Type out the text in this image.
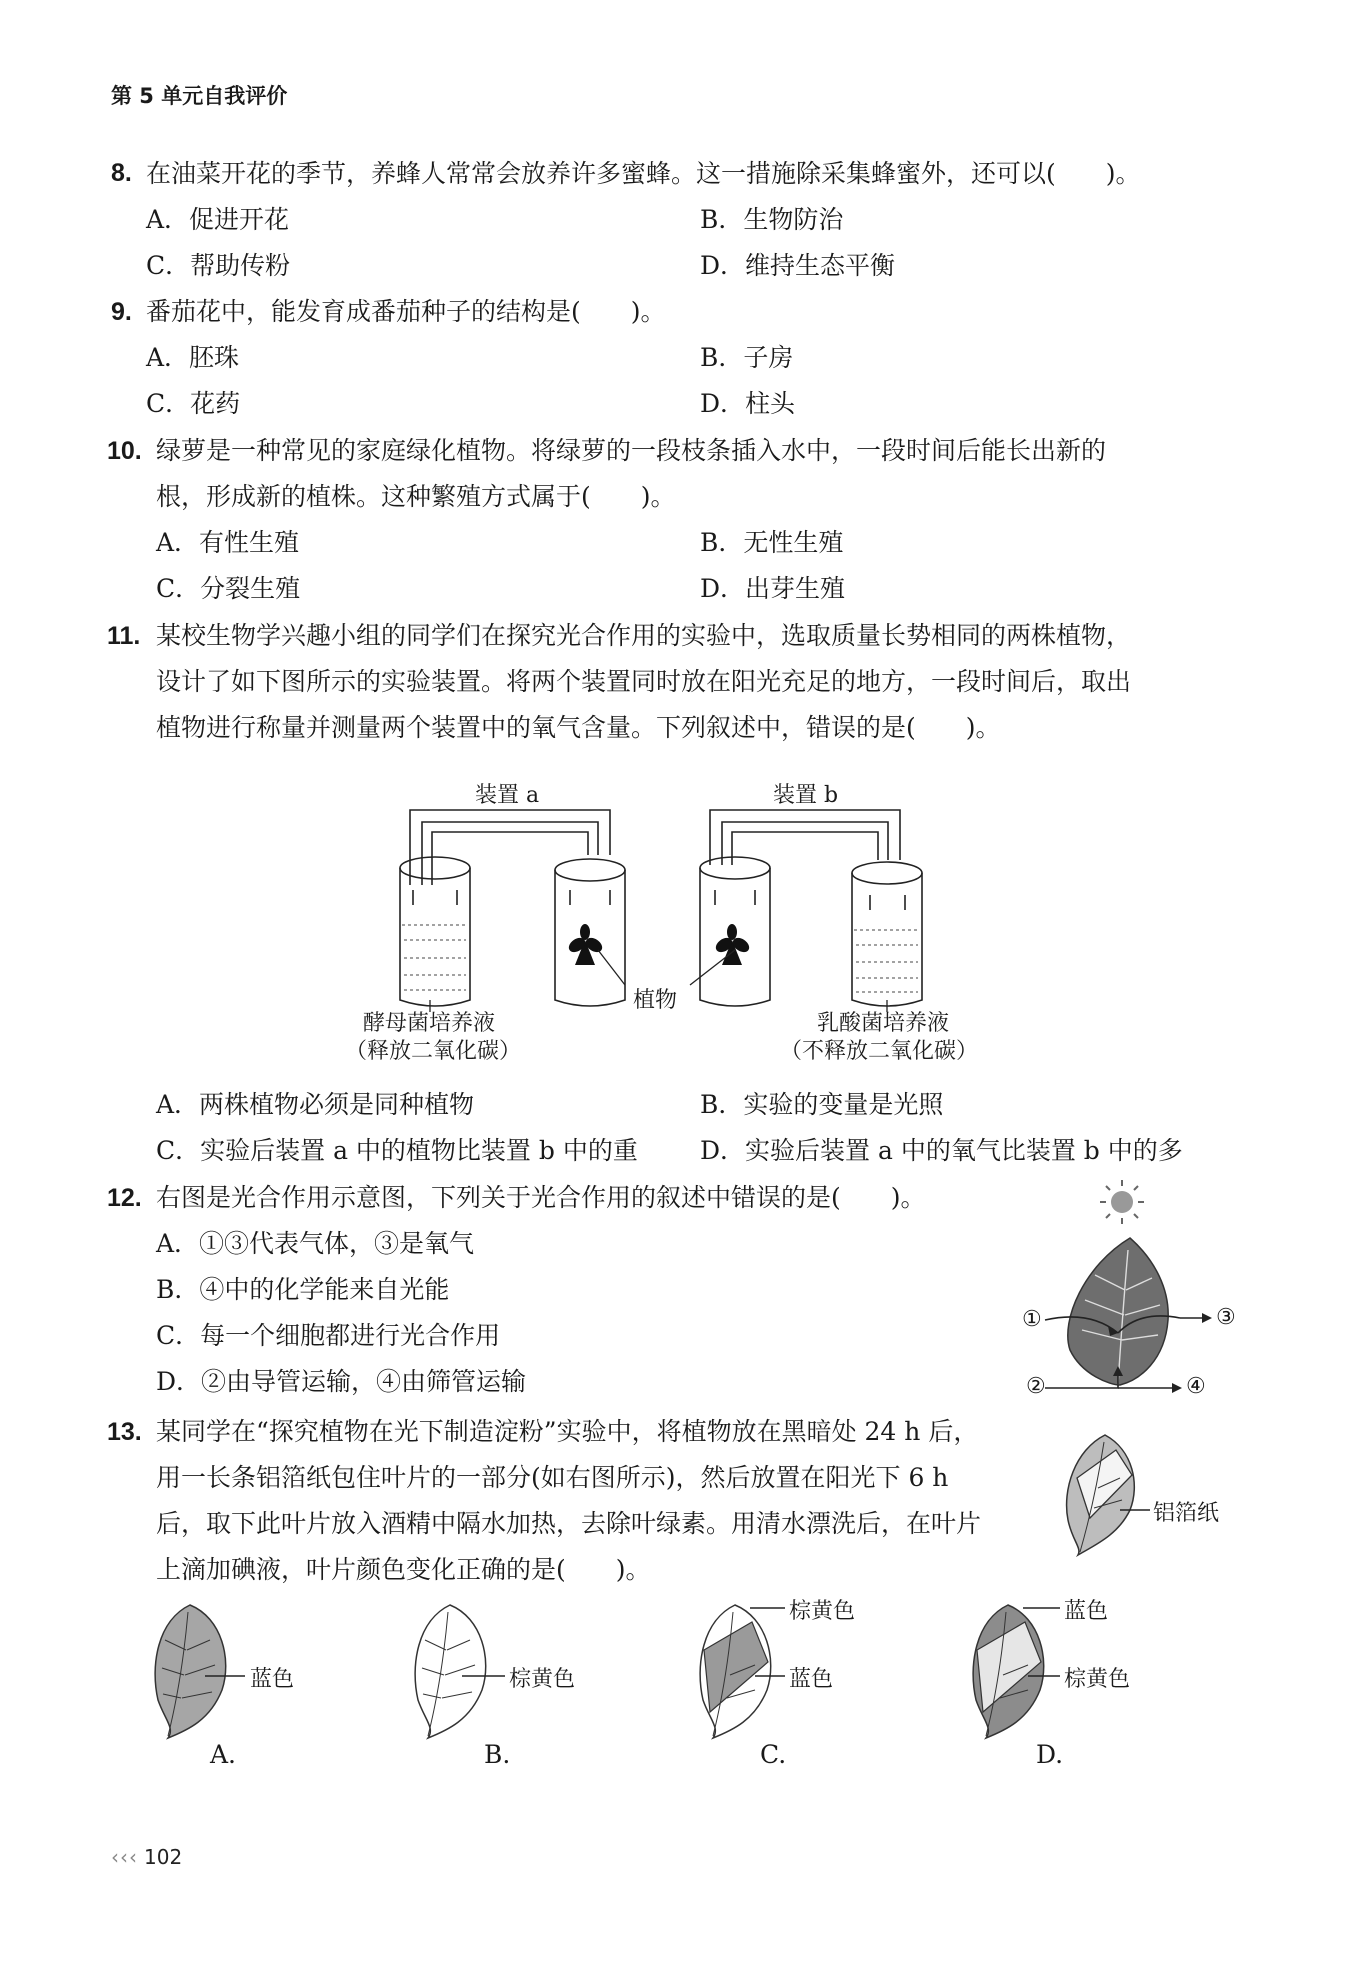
第 5 单元自我评价
8. 在油菜开花的季节，养蜂人常常会放养许多蜜蜂。这一措施除采集蜂蜜外，还可以(　　)。
A．促进开花	B．生物防治
C．帮助传粉	D．维持生态平衡
9. 番茄花中，能发育成番茄种子的结构是(　　)。
A．胚珠	B．子房
C．花药	D．柱头
10. 绿萝是一种常见的家庭绿化植物。将绿萝的一段枝条插入水中，一段时间后能长出新的
根，形成新的植株。这种繁殖方式属于(　　)。
A．有性生殖	B．无性生殖
C．分裂生殖	D．出芽生殖
11. 某校生物学兴趣小组的同学们在探究光合作用的实验中，选取质量长势相同的两株植物，
设计了如下图所示的实验装置。将两个装置同时放在阳光充足的地方，一段时间后，取出
植物进行称量并测量两个装置中的氧气含量。下列叙述中，错误的是(　　)。
装置 a	装置 b
植物
酵母菌培养液
（释放二氧化碳）
乳酸菌培养液
（不释放二氧化碳）
A．两株植物必须是同种植物	B．实验的变量是光照
C．实验后装置 a 中的植物比装置 b 中的重 D．实验后装置 a 中的氧气比装置 b 中的多
12. 右图是光合作用示意图，下列关于光合作用的叙述中错误的是(　　)。
A．①③代表气体，③是氧气
B．④中的化学能来自光能
C．每一个细胞都进行光合作用
D．②由导管运输，④由筛管运输
①	③
②	④
13. 某同学在“探究植物在光下制造淀粉”实验中，将植物放在黑暗处 24 h 后，
用一长条铝箔纸包住叶片的一部分(如右图所示)，然后放置在阳光下 6 h
后，取下此叶片放入酒精中隔水加热，去除叶绿素。用清水漂洗后，在叶片
上滴加碘液，叶片颜色变化正确的是(　　)。
铝箔纸
蓝色	棕黄色
棕黄色
蓝色
蓝色
棕黄色
A.	B.	C.	D.
‹‹‹ 102
